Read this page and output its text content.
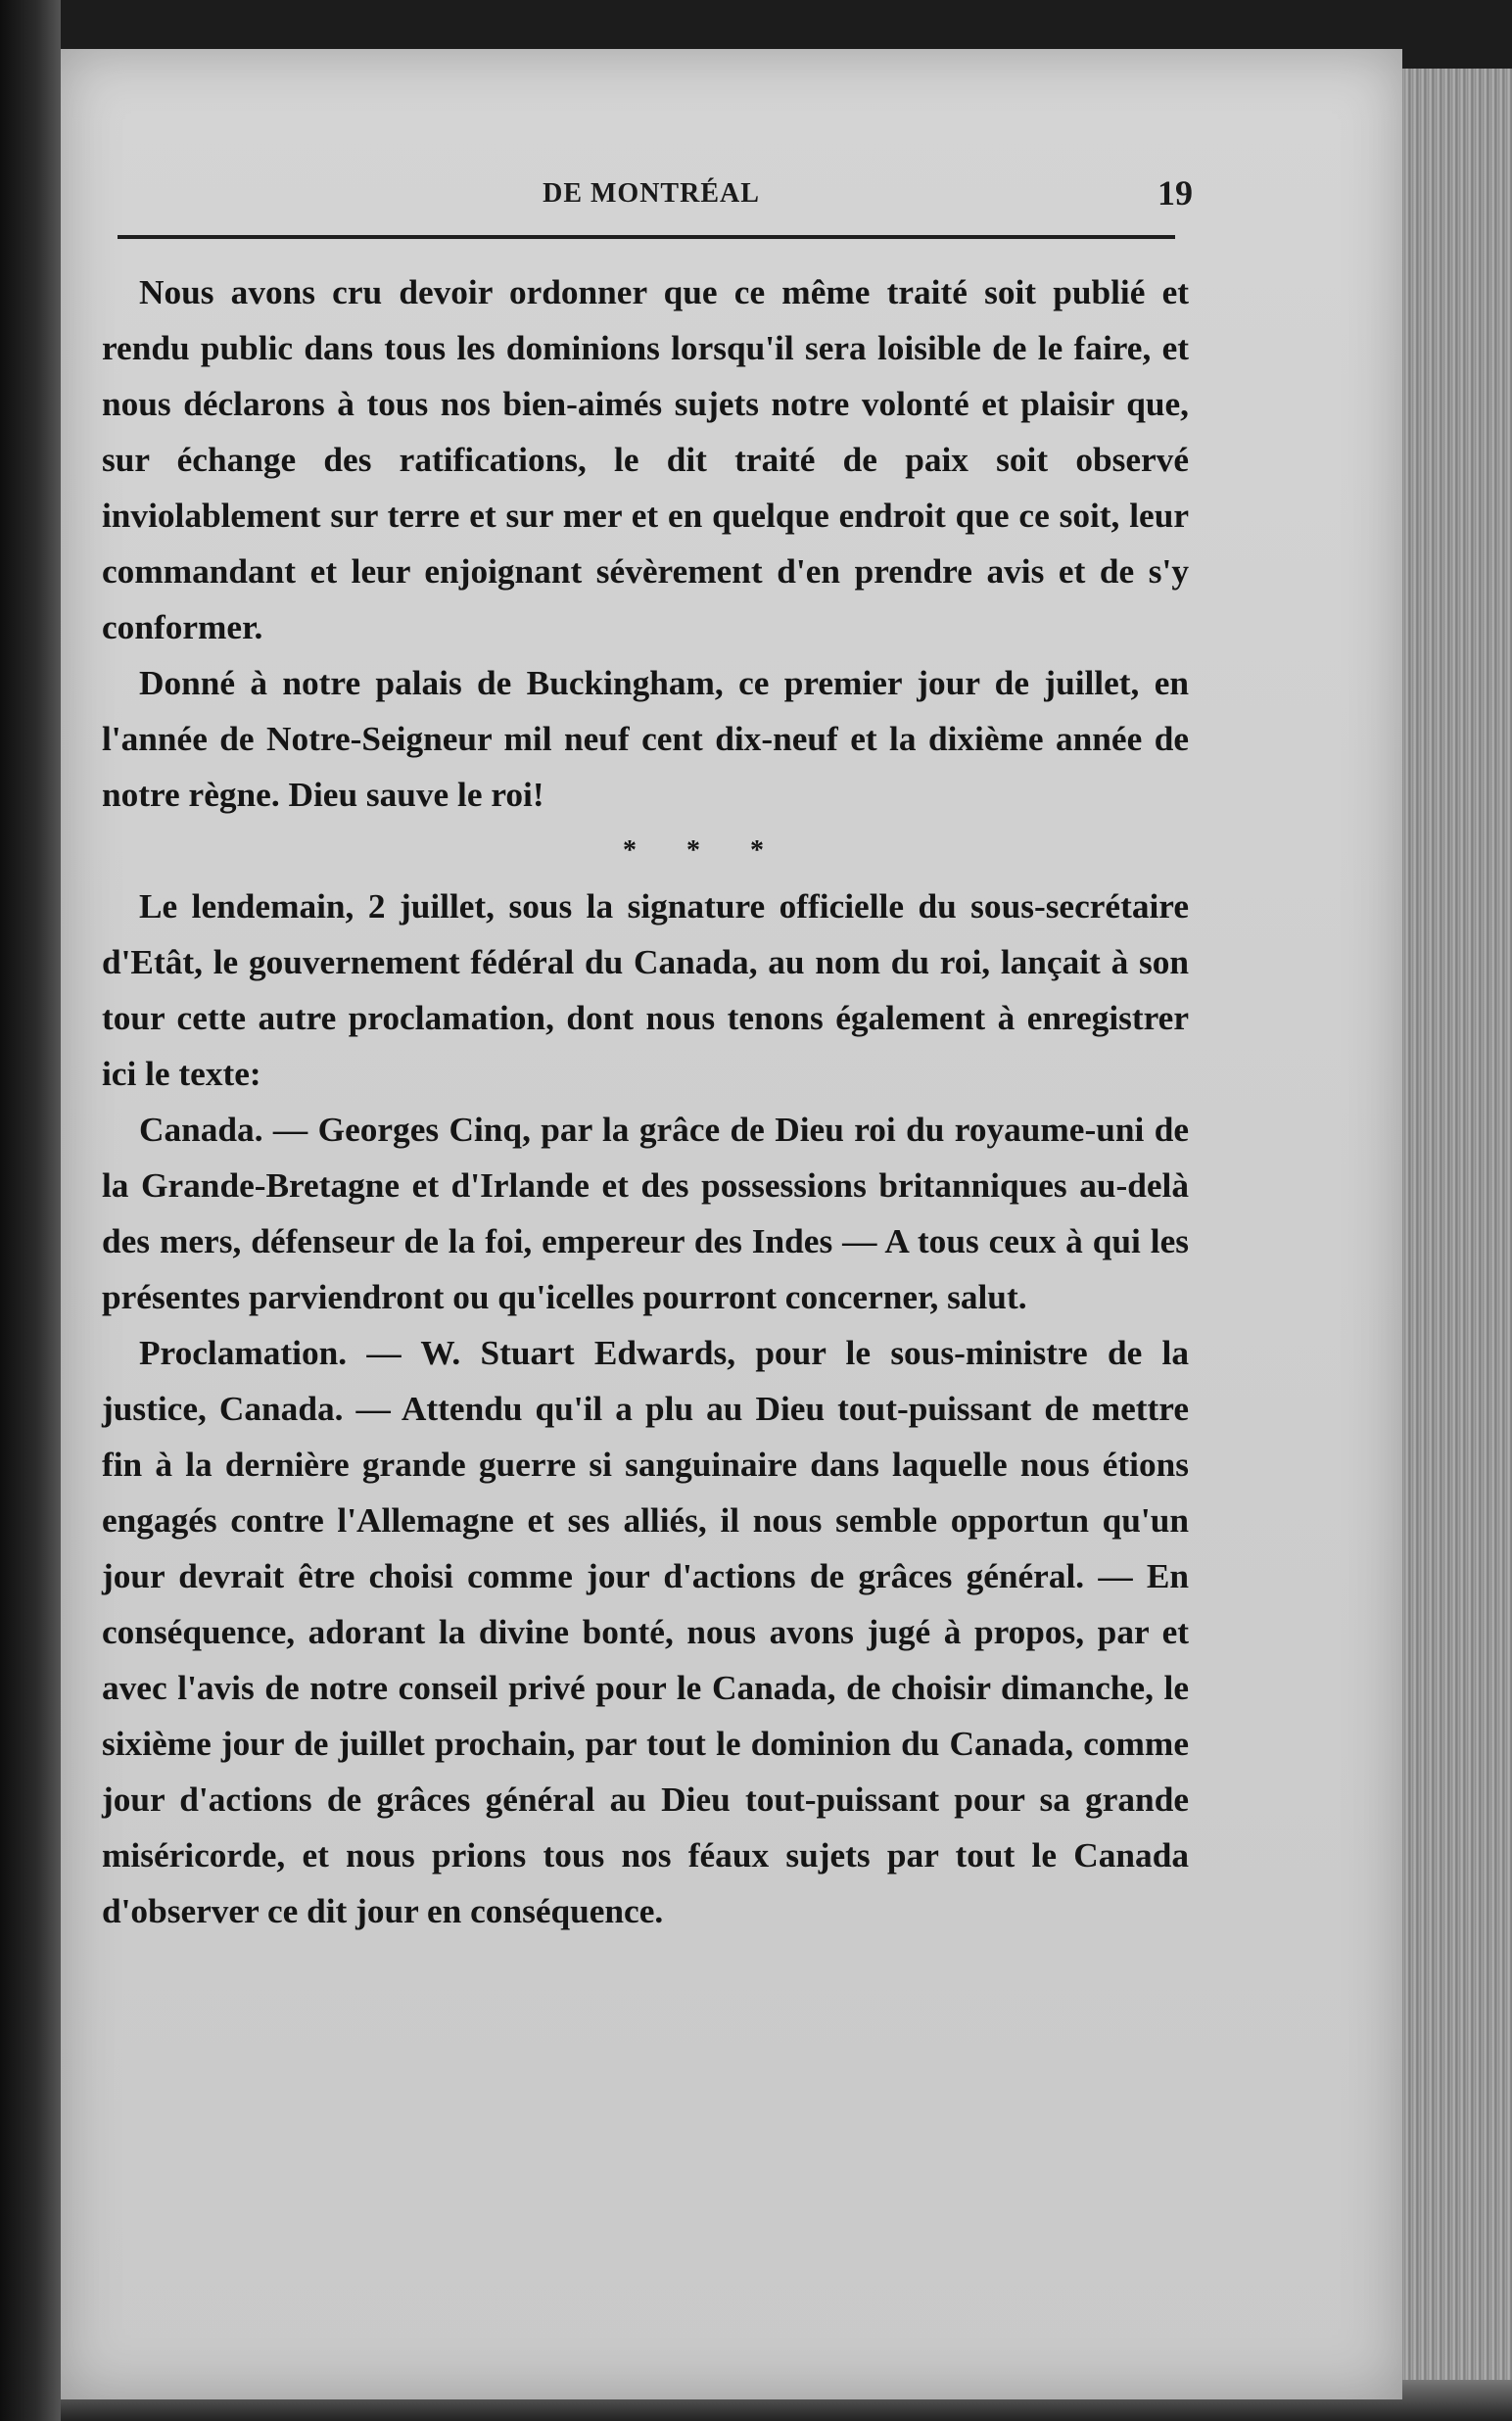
DE MONTRÉAL	19

Nous avons cru devoir ordonner que ce même traité soit publié et rendu public dans tous les dominions lorsqu'il sera loisible de le faire, et nous déclarons à tous nos bien-aimés sujets notre volonté et plaisir que, sur échange des ratifications, le dit traité de paix soit observé inviolablement sur terre et sur mer et en quelque endroit que ce soit, leur commandant et leur enjoignant sévèrement d'en prendre avis et de s'y conformer.

Donné à notre palais de Buckingham, ce premier jour de juillet, en l'année de Notre-Seigneur mil neuf cent dix-neuf et la dixième année de notre règne. Dieu sauve le roi!

* * *

Le lendemain, 2 juillet, sous la signature officielle du sous-secrétaire d'Etât, le gouvernement fédéral du Canada, au nom du roi, lançait à son tour cette autre proclamation, dont nous tenons également à enregistrer ici le texte:

Canada. — Georges Cinq, par la grâce de Dieu roi du royaume-uni de la Grande-Bretagne et d'Irlande et des possessions britanniques au-delà des mers, défenseur de la foi, empereur des Indes — A tous ceux à qui les présentes parviendront ou qu'icelles pourront concerner, salut.

Proclamation. — W. Stuart Edwards, pour le sous-ministre de la justice, Canada. — Attendu qu'il a plu au Dieu tout-puissant de mettre fin à la dernière grande guerre si sanguinaire dans laquelle nous étions engagés contre l'Allemagne et ses alliés, il nous semble opportun qu'un jour devrait être choisi comme jour d'actions de grâces général. — En conséquence, adorant la divine bonté, nous avons jugé à propos, par et avec l'avis de notre conseil privé pour le Canada, de choisir dimanche, le sixième jour de juillet prochain, par tout le dominion du Canada, comme jour d'actions de grâces général au Dieu tout-puissant pour sa grande miséricorde, et nous prions tous nos féaux sujets par tout le Canada d'observer ce dit jour en conséquence.
